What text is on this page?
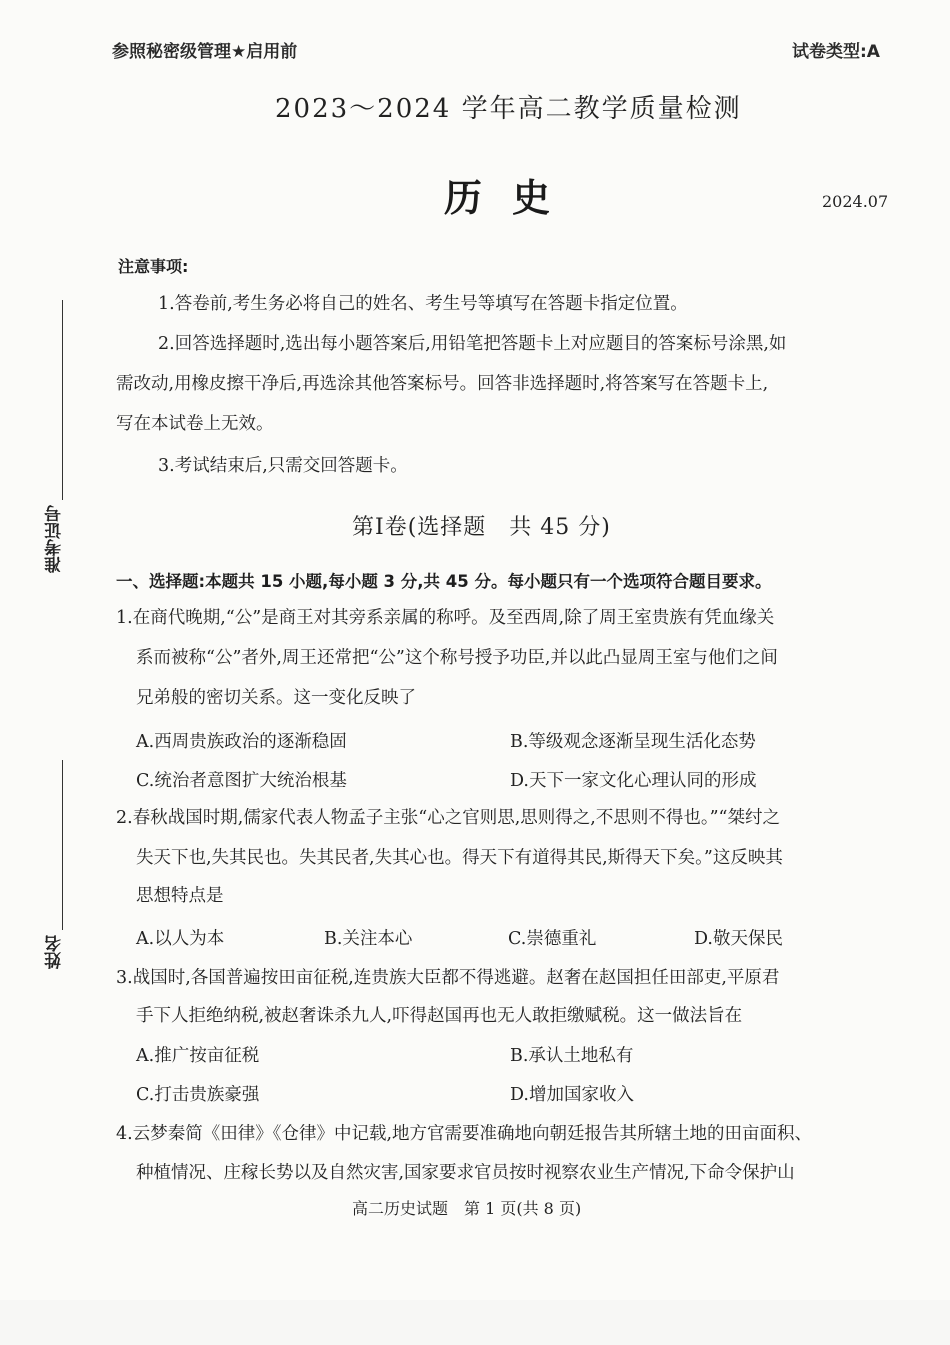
参照秘密级管理★启用前	试卷类型:A
2023～2024 学年高二教学质量检测
历史	2024.07
注意事项:
1.答卷前,考生务必将自己的姓名、考生号等填写在答题卡指定位置。
2.回答选择题时,选出每小题答案后,用铅笔把答题卡上对应题目的答案标号涂黑,如
需改动,用橡皮擦干净后,再选涂其他答案标号。回答非选择题时,将答案写在答题卡上,
写在本试卷上无效。
3.考试结束后,只需交回答题卡。
准考证号
姓名
第Ⅰ卷(选择题　共 45 分)
一、选择题:本题共 15 小题,每小题 3 分,共 45 分。每小题只有一个选项符合题目要求。
1.在商代晚期,“公”是商王对其旁系亲属的称呼。及至西周,除了周王室贵族有凭血缘关
系而被称“公”者外,周王还常把“公”这个称号授予功臣,并以此凸显周王室与他们之间
兄弟般的密切关系。这一变化反映了
A.西周贵族政治的逐渐稳固	B.等级观念逐渐呈现生活化态势
C.统治者意图扩大统治根基	D.天下一家文化心理认同的形成
2.春秋战国时期,儒家代表人物孟子主张“心之官则思,思则得之,不思则不得也。”“桀纣之
失天下也,失其民也。失其民者,失其心也。得天下有道得其民,斯得天下矣。”这反映其
思想特点是
A.以人为本	B.关注本心	C.崇德重礼	D.敬天保民
3.战国时,各国普遍按田亩征税,连贵族大臣都不得逃避。赵奢在赵国担任田部吏,平原君
手下人拒绝纳税,被赵奢诛杀九人,吓得赵国再也无人敢拒缴赋税。这一做法旨在
A.推广按亩征税	B.承认土地私有
C.打击贵族豪强	D.增加国家收入
4.云梦秦简《田律》《仓律》中记载,地方官需要准确地向朝廷报告其所辖土地的田亩面积、
种植情况、庄稼长势以及自然灾害,国家要求官员按时视察农业生产情况,下命令保护山
高二历史试题　第 1 页(共 8 页)
